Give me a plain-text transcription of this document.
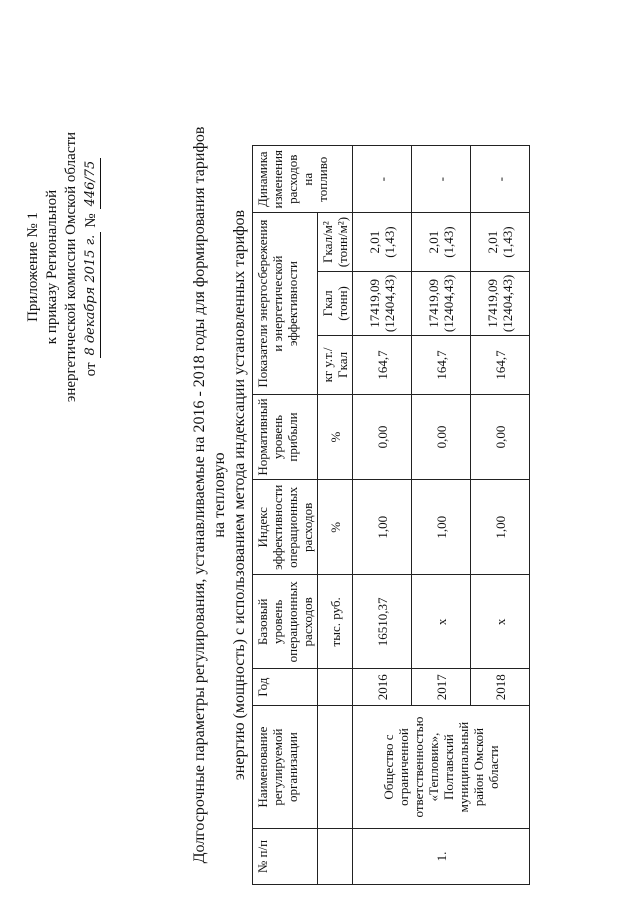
Приложение № 1 к приказу Региональной энергетической комиссии Омской области от
8 декабря 2015 г.
№
446/75	Долгосрочные параметры регулирования, устанавливаемые на 2016 - 2018 годы для формирования тарифов на тепловую энергию (мощность) с использованием метода индексации установленных тарифов
№ п/п	Наименование регулируемой организации	Год	Базовый уровень операционных расходов	Индекс эффективности операционных расходов	Нормативный уровень прибыли	Показатели энергосбережения и энергетической эффективности			Динамика изменения расходов на топливо
			тыс. руб.	%	%	кг у.т./Гкал	Гкал (тонн)	Гкал/м² (тонн/м²)	
1.	Общество с ограниченной ответственностью «Тепловик», Полтавский муниципальный район Омской области	2016	16510,37	1,00	0,00	164,7	17419,09 (12404,43)	2,01 (1,43)	-
		2017	х	1,00	0,00	164,7	17419,09 (12404,43)	2,01 (1,43)	-
		2018	х	1,00	0,00	164,7	17419,09 (12404,43)	2,01 (1,43)	-
